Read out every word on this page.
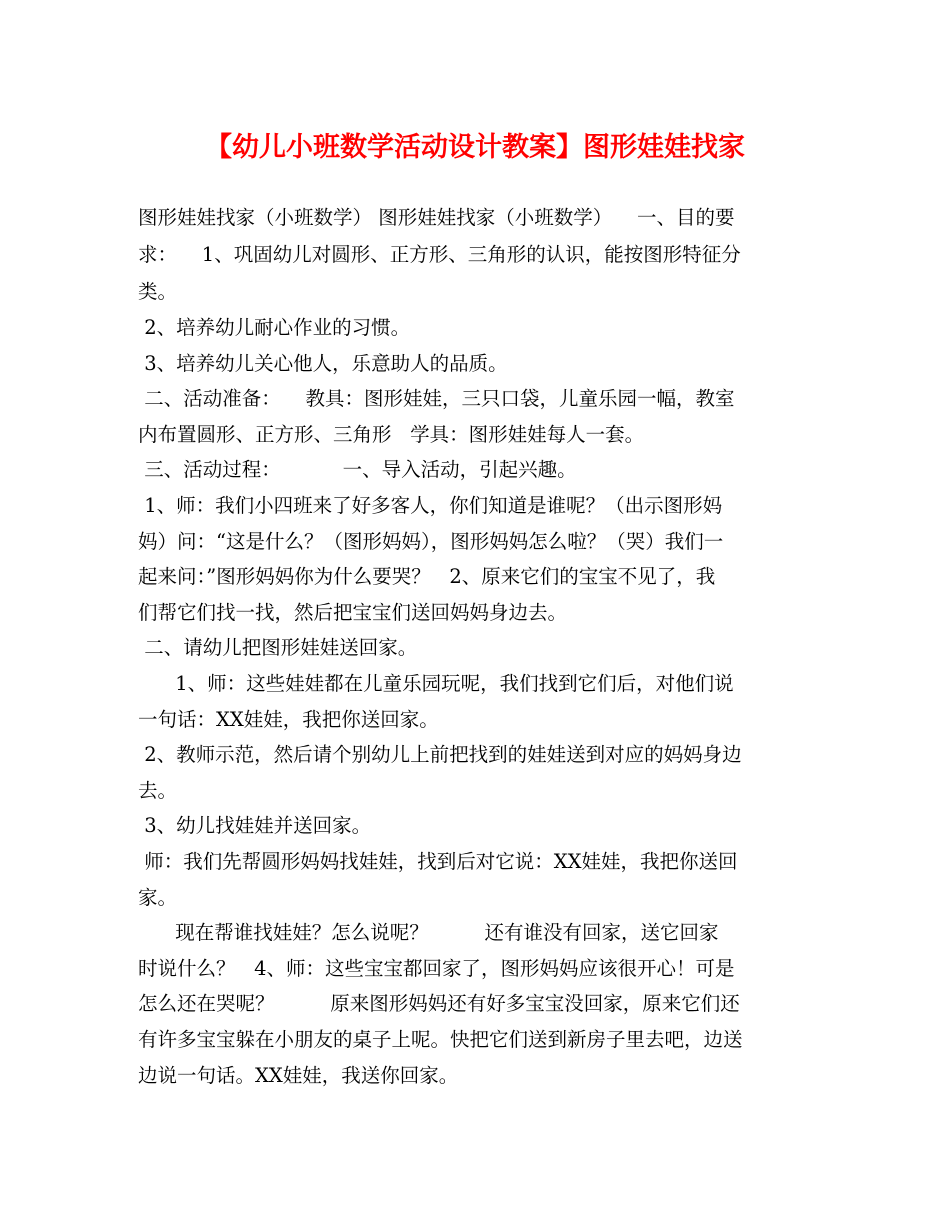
【幼儿小班数学活动设计教案】图形娃娃找家
图形娃娃找家（小班数学） 图形娃娃找家（小班数学）    一、目的要
求：    1、巩固幼儿对圆形、正方形、三角形的认识，能按图形特征分
类。
2、培养幼儿耐心作业的习惯。
3、培养幼儿关心他人，乐意助人的品质。
二、活动准备：    教具：图形娃娃，三只口袋，儿童乐园一幅，教室
内布置圆形、正方形、三角形   学具：图形娃娃每人一套。
三、活动过程：          一、导入活动，引起兴趣。
1、师：我们小四班来了好多客人，你们知道是谁呢？（出示图形妈
妈）问：“这是什么？（图形妈妈），图形妈妈怎么啦？（哭）我们一
起来问：”图形妈妈你为什么要哭？   2、原来它们的宝宝不见了，我
们帮它们找一找，然后把宝宝们送回妈妈身边去。
二、请幼儿把图形娃娃送回家。
1、师：这些娃娃都在儿童乐园玩呢，我们找到它们后，对他们说
一句话：XX娃娃，我把你送回家。
2、教师示范，然后请个别幼儿上前把找到的娃娃送到对应的妈妈身边
去。
3、幼儿找娃娃并送回家。
师：我们先帮圆形妈妈找娃娃，找到后对它说：XX娃娃，我把你送回
家。
现在帮谁找娃娃？怎么说呢？         还有谁没有回家，送它回家
时说什么？   4、师：这些宝宝都回家了，图形妈妈应该很开心！可是
怎么还在哭呢？         原来图形妈妈还有好多宝宝没回家，原来它们还
有许多宝宝躲在小朋友的桌子上呢。快把它们送到新房子里去吧，边送
边说一句话。XX娃娃，我送你回家。
